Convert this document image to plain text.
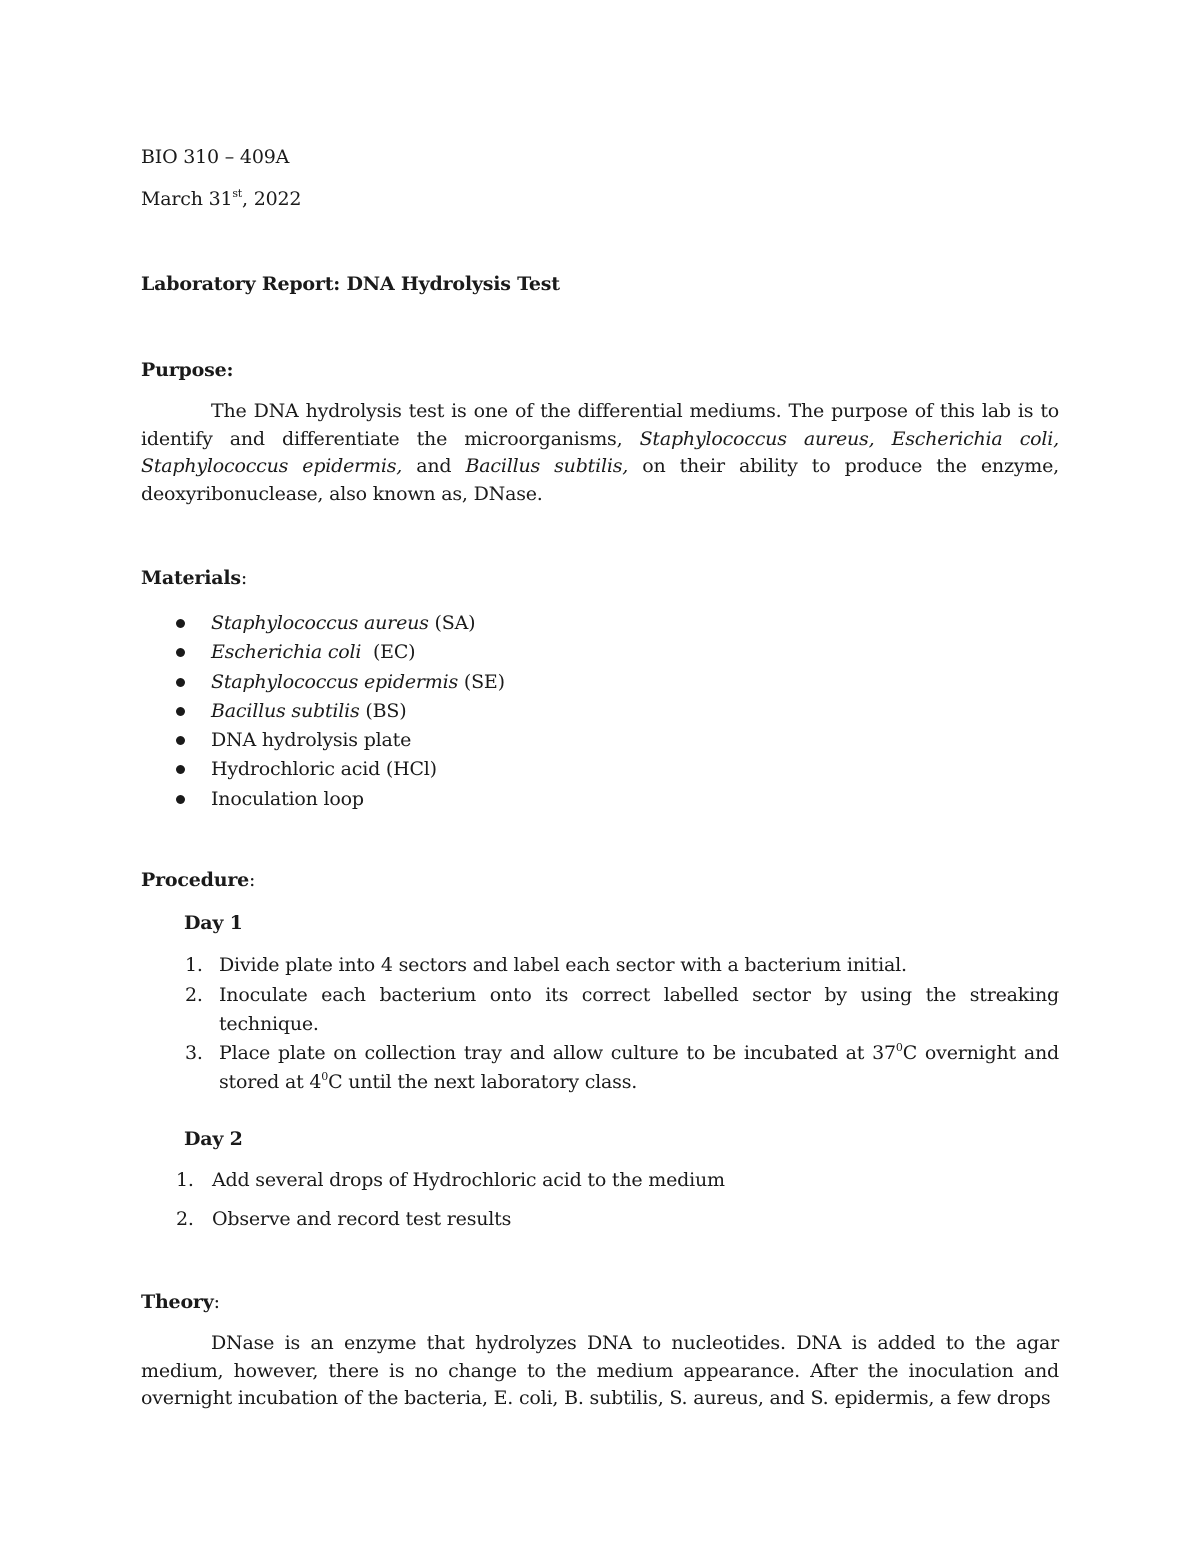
BIO 310 – 409A
March 31st, 2022
Laboratory Report: DNA Hydrolysis Test
Purpose:
The DNA hydrolysis test is one of the differential mediums. The purpose of this lab is to identify and differentiate the microorganisms, Staphylococcus aureus, Escherichia coli, Staphylococcus epidermis, and Bacillus subtilis, on their ability to produce the enzyme, deoxyribonuclease, also known as, DNase.
Materials:
Staphylococcus aureus (SA)
Escherichia coli  (EC)
Staphylococcus epidermis (SE)
Bacillus subtilis (BS)
DNA hydrolysis plate
Hydrochloric acid (HCl)
Inoculation loop
Procedure:
Day 1
1. Divide plate into 4 sectors and label each sector with a bacterium initial.
2. Inoculate each bacterium onto its correct labelled sector by using the streaking technique.
3. Place plate on collection tray and allow culture to be incubated at $37^0C$ overnight and stored at $4^0C$ until the next laboratory class.
Day 2
1. Add several drops of Hydrochloric acid to the medium
2. Observe and record test results
Theory:
DNase is an enzyme that hydrolyzes DNA to nucleotides. DNA is added to the agar medium, however, there is no change to the medium appearance. After the inoculation and overnight incubation of the bacteria, E. coli, B. subtilis, S. aureus, and S. epidermis, a few drops
